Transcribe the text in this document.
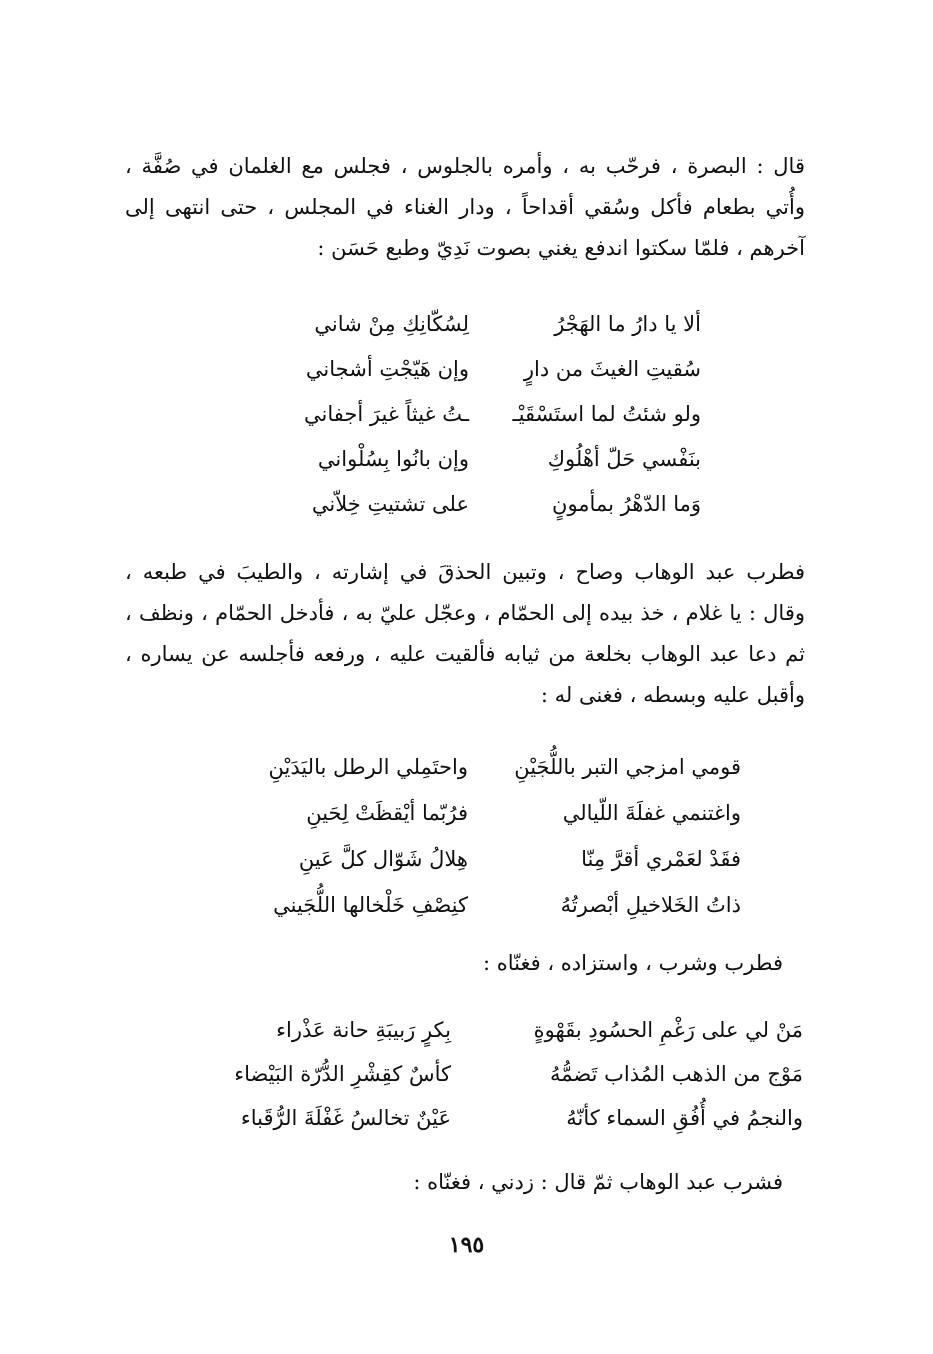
قال : البصرة ، فرحّب به ، وأمره بالجلوس ، فجلس مع الغلمان في صُفَّة ،
وأُتي بطعام فأكل وسُقي أقداحاً ، ودار الغناء في المجلس ، حتى انتهى إلى
آخرهم ، فلمّا سكتوا اندفع يغني بصوت نَدِيّ وطبع حَسَن :
ألا يا دارُ ما الهَجْرُ
لِسُكّانِكِ مِنْ شاني
سُقيتِ الغيثَ من دارٍ
وإن هَيّجْتِ أشجاني
ولو شئتُ لما استَسْقَيْـ
ـتُ غيثاً غيرَ أجفاني
بنَفْسي حَلّ أهْلُوكِ
وإن بانُوا بِسُلْواني
وَما الدّهْرُ بمأمونٍ
على تشتيتِ خِلاّني
فطرب عبد الوهاب وصاح ، وتبين الحذقَ في إشارته ، والطيبَ في طبعه ،
وقال : يا غلام ، خذ بيده إلى الحمّام ، وعجّل عليّ به ، فأدخل الحمّام ، ونظف ،
ثم دعا عبد الوهاب بخلعة من ثيابه فألقيت عليه ، ورفعه فأجلسه عن يساره ،
وأقبل عليه وبسطه ، فغنى له :
قومي امزجي التبر باللُّجَيْنِ
واحتَمِلي الرطل باليَدَيْنِ
واغتنمي غفلَةَ اللّيالي
فرُبّما أيْقظَتْ لِحَينِ
فقَدْ لعَمْري أقرَّ مِنّا
هِلالُ شَوّال كلَّ عَينِ
ذاتُ الخَلاخيلِ أبْصرتُهُ
كنِصْفِ خَلْخالها اللُّجَيني
فطرب وشرب ، واستزاده ، فغنّاه :
مَنْ لي على رَغْمِ الحسُودِ بقَهْوةٍ
بِكرٍ رَبيبَةِ حانة عَذْراء
مَوْج من الذهب المُذاب تَضمُّهُ
كأسٌ كقِشْرِ الدُّرّة البَيْضاء
والنجمُ في أُفُقِ السماء كأنّهُ
عَيْنٌ تخالسُ غَفْلَةَ الرُّقَباء
فشرب عبد الوهاب ثمّ قال : زدني ، فغنّاه :
١٩٥
